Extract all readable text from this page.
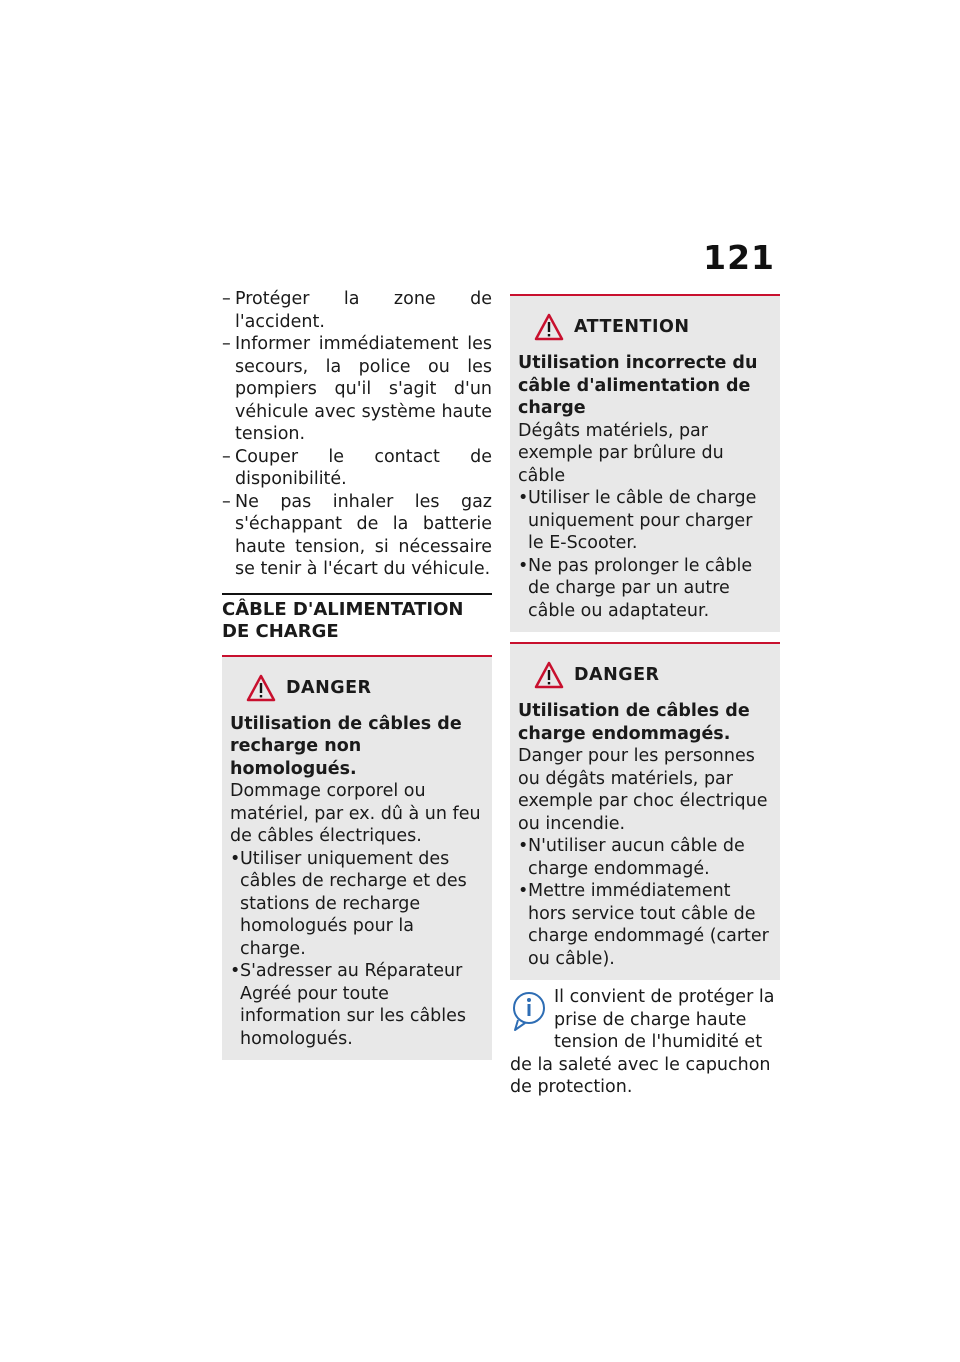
121
– Protéger la zone de l'accident.
– Informer immédiatement les secours, la police ou les pompiers qu'il s'agit d'un véhicule avec système haute tension.
– Couper le contact de disponibilité.
– Ne pas inhaler les gaz s'échappant de la batterie haute tension, si nécessaire se tenir à l'écart du véhicule.
CÂBLE D'ALIMENTATION DE CHARGE
DANGER
Utilisation de câbles de recharge non homologués.
Dommage corporel ou matériel, par ex. dû à un feu de câbles électriques.
• Utiliser uniquement des câbles de recharge et des stations de recharge homologués pour la charge.
• S'adresser au Réparateur Agréé pour toute information sur les câbles homologués.
ATTENTION
Utilisation incorrecte du câble d'alimentation de charge
Dégâts matériels, par exemple par brûlure du câble
• Utiliser le câble de charge uniquement pour charger le E-Scooter.
• Ne pas prolonger le câble de charge par un autre câble ou adaptateur.
DANGER
Utilisation de câbles de charge endommagés.
Danger pour les personnes ou dégâts matériels, par exemple par choc électrique ou incendie.
• N'utiliser aucun câble de charge endommagé.
• Mettre immédiatement hors service tout câble de charge endommagé (carter ou câble).
Il convient de protéger la prise de charge haute tension de l'humidité et de la saleté avec le capuchon de protection.
